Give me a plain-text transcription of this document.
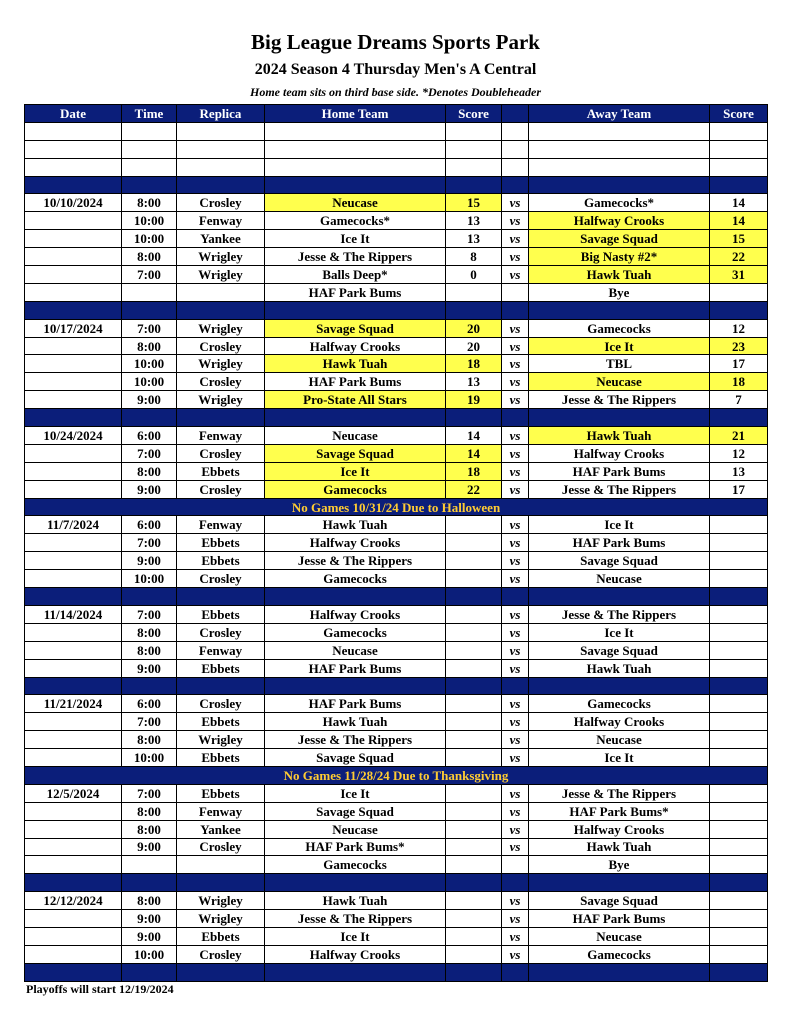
Big League Dreams Sports Park
2024 Season 4 Thursday Men's A Central
Home team sits on third base side. *Denotes Doubleheader
Date	Time	Replica	Home Team	Score		Away Team	Score

10/10/2024	8:00	Crosley	Neucase	15	vs	Gamecocks*	14
	10:00	Fenway	Gamecocks*	13	vs	Halfway Crooks	14
	10:00	Yankee	Ice It	13	vs	Savage Squad	15
	8:00	Wrigley	Jesse & The Rippers	8	vs	Big Nasty #2*	22
	7:00	Wrigley	Balls Deep*	0	vs	Hawk Tuah	31
			HAF Park Bums			Bye	

10/17/2024	7:00	Wrigley	Savage Squad	20	vs	Gamecocks	12
	8:00	Crosley	Halfway Crooks	20	vs	Ice It	23
	10:00	Wrigley	Hawk Tuah	18	vs	TBL	17
	10:00	Crosley	HAF Park Bums	13	vs	Neucase	18
	9:00	Wrigley	Pro-State All Stars	19	vs	Jesse & The Rippers	7

10/24/2024	6:00	Fenway	Neucase	14	vs	Hawk Tuah	21
	7:00	Crosley	Savage Squad	14	vs	Halfway Crooks	12
	8:00	Ebbets	Ice It	18	vs	HAF Park Bums	13
	9:00	Crosley	Gamecocks	22	vs	Jesse & The Rippers	17
No Games 10/31/24 Due to Halloween							
11/7/2024	6:00	Fenway	Hawk Tuah		vs	Ice It	
	7:00	Ebbets	Halfway Crooks		vs	HAF Park Bums	
	9:00	Ebbets	Jesse & The Rippers		vs	Savage Squad	
	10:00	Crosley	Gamecocks		vs	Neucase	

11/14/2024	7:00	Ebbets	Halfway Crooks		vs	Jesse & The Rippers	
	8:00	Crosley	Gamecocks		vs	Ice It	
	8:00	Fenway	Neucase		vs	Savage Squad	
	9:00	Ebbets	HAF Park Bums		vs	Hawk Tuah	

11/21/2024	6:00	Crosley	HAF Park Bums		vs	Gamecocks	
	7:00	Ebbets	Hawk Tuah		vs	Halfway Crooks	
	8:00	Wrigley	Jesse & The Rippers		vs	Neucase	
	10:00	Ebbets	Savage Squad		vs	Ice It	
No Games 11/28/24 Due to Thanksgiving							
12/5/2024	7:00	Ebbets	Ice It		vs	Jesse & The Rippers	
	8:00	Fenway	Savage Squad		vs	HAF Park Bums*	
	8:00	Yankee	Neucase		vs	Halfway Crooks	
	9:00	Crosley	HAF Park Bums*		vs	Hawk Tuah	
			Gamecocks			Bye	

12/12/2024	8:00	Wrigley	Hawk Tuah		vs	Savage Squad	
	9:00	Wrigley	Jesse & The Rippers		vs	HAF Park Bums	
	9:00	Ebbets	Ice It		vs	Neucase	
	10:00	Crosley	Halfway Crooks		vs	Gamecocks	

Playoffs will start 12/19/2024
